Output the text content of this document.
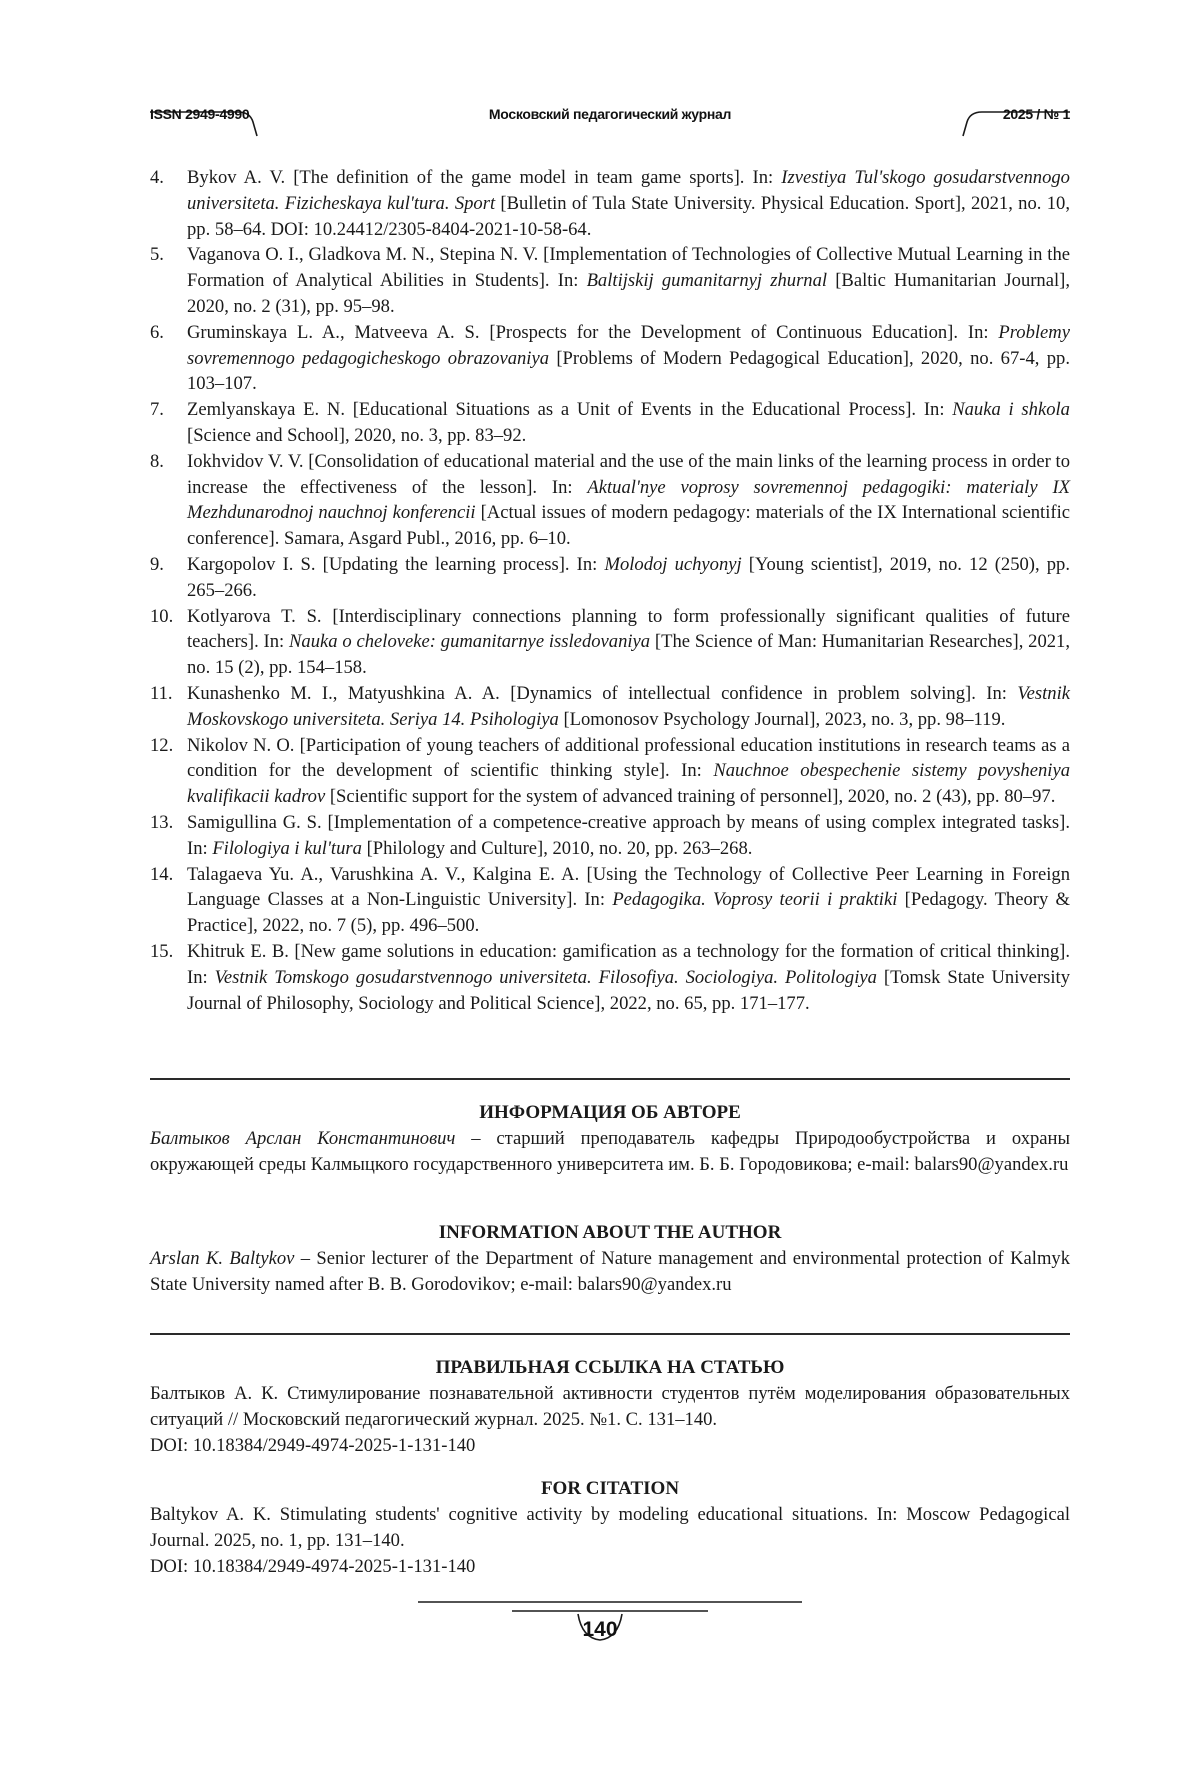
ISSN 2949-4990	Московский педагогический журнал	2025 / № 1
4. Bykov A. V. [The definition of the game model in team game sports]. In: Izvestiya Tul'skogo gosudarstvennogo universiteta. Fizicheskaya kul'tura. Sport [Bulletin of Tula State University. Physical Education. Sport], 2021, no. 10, pp. 58–64. DOI: 10.24412/2305-8404-2021-10-58-64.
5. Vaganova O. I., Gladkova M. N., Stepina N. V. [Implementation of Technologies of Collective Mutual Learning in the Formation of Analytical Abilities in Students]. In: Baltijskij gumanitarnyj zhurnal [Baltic Humanitarian Journal], 2020, no. 2 (31), pp. 95–98.
6. Gruminskaya L. A., Matveeva A. S. [Prospects for the Development of Continuous Education]. In: Problemy sovremennogo pedagogicheskogo obrazovaniya [Problems of Modern Pedagogical Education], 2020, no. 67-4, pp. 103–107.
7. Zemlyanskaya E. N. [Educational Situations as a Unit of Events in the Educational Process]. In: Nauka i shkola [Science and School], 2020, no. 3, pp. 83–92.
8. Iokhvidov V. V. [Consolidation of educational material and the use of the main links of the learning process in order to increase the effectiveness of the lesson]. In: Aktual'nye voprosy sovremennoj pedagogiki: materialy IX Mezhdunarodnoj nauchnoj konferencii [Actual issues of modern pedagogy: materials of the IX International scientific conference]. Samara, Asgard Publ., 2016, pp. 6–10.
9. Kargopolov I. S. [Updating the learning process]. In: Molodoj uchyonyj [Young scientist], 2019, no. 12 (250), pp. 265–266.
10. Kotlyarova T. S. [Interdisciplinary connections planning to form professionally significant qualities of future teachers]. In: Nauka o cheloveke: gumanitarnye issledovaniya [The Science of Man: Humanitarian Researches], 2021, no. 15 (2), pp. 154–158.
11. Kunashenko M. I., Matyushkina A. A. [Dynamics of intellectual confidence in problem solving]. In: Vestnik Moskovskogo universiteta. Seriya 14. Psihologiya [Lomonosov Psychology Journal], 2023, no. 3, pp. 98–119.
12. Nikolov N. O. [Participation of young teachers of additional professional education institutions in research teams as a condition for the development of scientific thinking style]. In: Nauchnoe obespechenie sistemy povysheniya kvalifikacii kadrov [Scientific support for the system of advanced training of personnel], 2020, no. 2 (43), pp. 80–97.
13. Samigullina G. S. [Implementation of a competence-creative approach by means of using complex integrated tasks]. In: Filologiya i kul'tura [Philology and Culture], 2010, no. 20, pp. 263–268.
14. Talagaeva Yu. A., Varushkina A. V., Kalgina E. A. [Using the Technology of Collective Peer Learning in Foreign Language Classes at a Non-Linguistic University]. In: Pedagogika. Voprosy teorii i praktiki [Pedagogy. Theory & Practice], 2022, no. 7 (5), pp. 496–500.
15. Khitruk E. B. [New game solutions in education: gamification as a technology for the formation of critical thinking]. In: Vestnik Tomskogo gosudarstvennogo universiteta. Filosofiya. Sociologiya. Politologiya [Tomsk State University Journal of Philosophy, Sociology and Political Science], 2022, no. 65, pp. 171–177.

ИНФОРМАЦИЯ ОБ АВТОРЕ

Балтыков Арслан Константинович – старший преподаватель кафедры Природообустройства и охраны окружающей среды Калмыцкого государственного университета им. Б. Б. Городовикова; e-mail: balars90@yandex.ru

INFORMATION ABOUT THE AUTHOR

Arslan K. Baltykov – Senior lecturer of the Department of Nature management and environmental protection of Kalmyk State University named after B. B. Gorodovikov; e-mail: balars90@yandex.ru

ПРАВИЛЬНАЯ ССЫЛКА НА СТАТЬЮ

Балтыков А. К. Стимулирование познавательной активности студентов путём моделирования образовательных ситуаций // Московский педагогический журнал. 2025. №1. С. 131–140.

DOI: 10.18384/2949-4974-2025-1-131-140

FOR CITATION

Baltykov A. K. Stimulating students' cognitive activity by modeling educational situations. In: Moscow Pedagogical Journal. 2025, no. 1, pp. 131–140.

DOI: 10.18384/2949-4974-2025-1-131-140

140
